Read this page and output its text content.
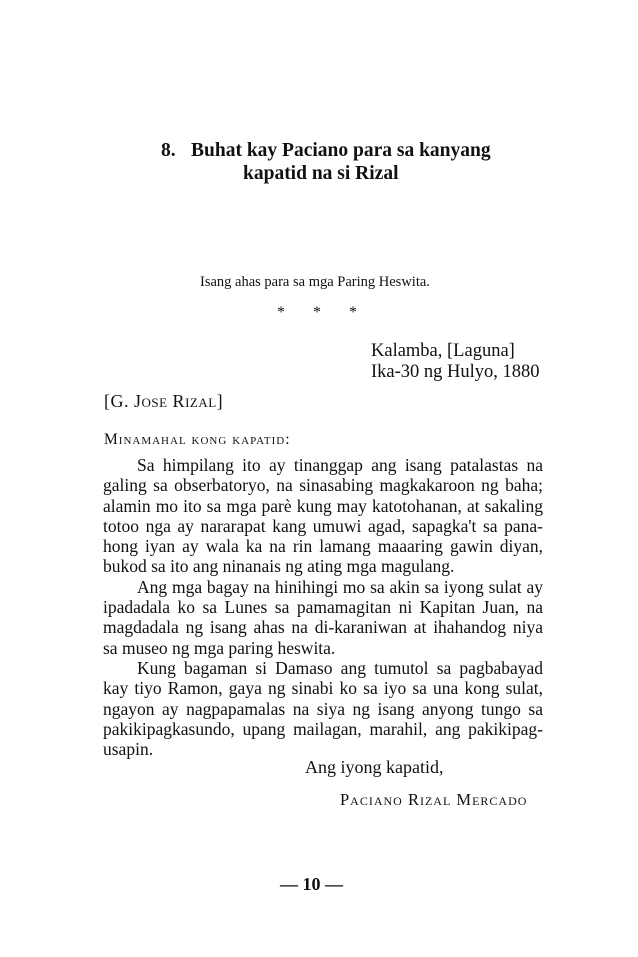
8. Buhat kay Paciano para sa kanyang
kapatid na si Rizal
Isang ahas para sa mga Paring Heswita.
* * *
Kalamba, [Laguna]
Ika-30 ng Hulyo, 1880
[G. Jose Rizal]
Minamahal kong kapatid:

Sa himpilang ito ay tinanggap ang isang patalastas na
galing sa obserbatoryo, na sinasabing magkakaroon ng baha;
alamin mo ito sa mga parè kung may katotohanan, at sakaling
totoo nga ay nararapat kang umuwi agad, sapagka't sa pana-
hong iyan ay wala ka na rin lamang maaaring gawin diyan,
bukod sa ito ang ninanais ng ating mga magulang.

Ang mga bagay na hinihingi mo sa akin sa iyong sulat ay
ipadadala ko sa Lunes sa pamamagitan ni Kapitan Juan, na
magdadala ng isang ahas na di-karaniwan at ihahandog niya
sa museo ng mga paring heswita.

Kung bagaman si Damaso ang tumutol sa pagbabayad
kay tiyo Ramon, gaya ng sinabi ko sa iyo sa una kong sulat,
ngayon ay nagpapamalas na siya ng isang anyong tungo sa
pakikipagkasundo, upang mailagan, marahil, ang pakikipag-
usapin.

Ang iyong kapatid,
Paciano Rizal Mercado
— 10 —
